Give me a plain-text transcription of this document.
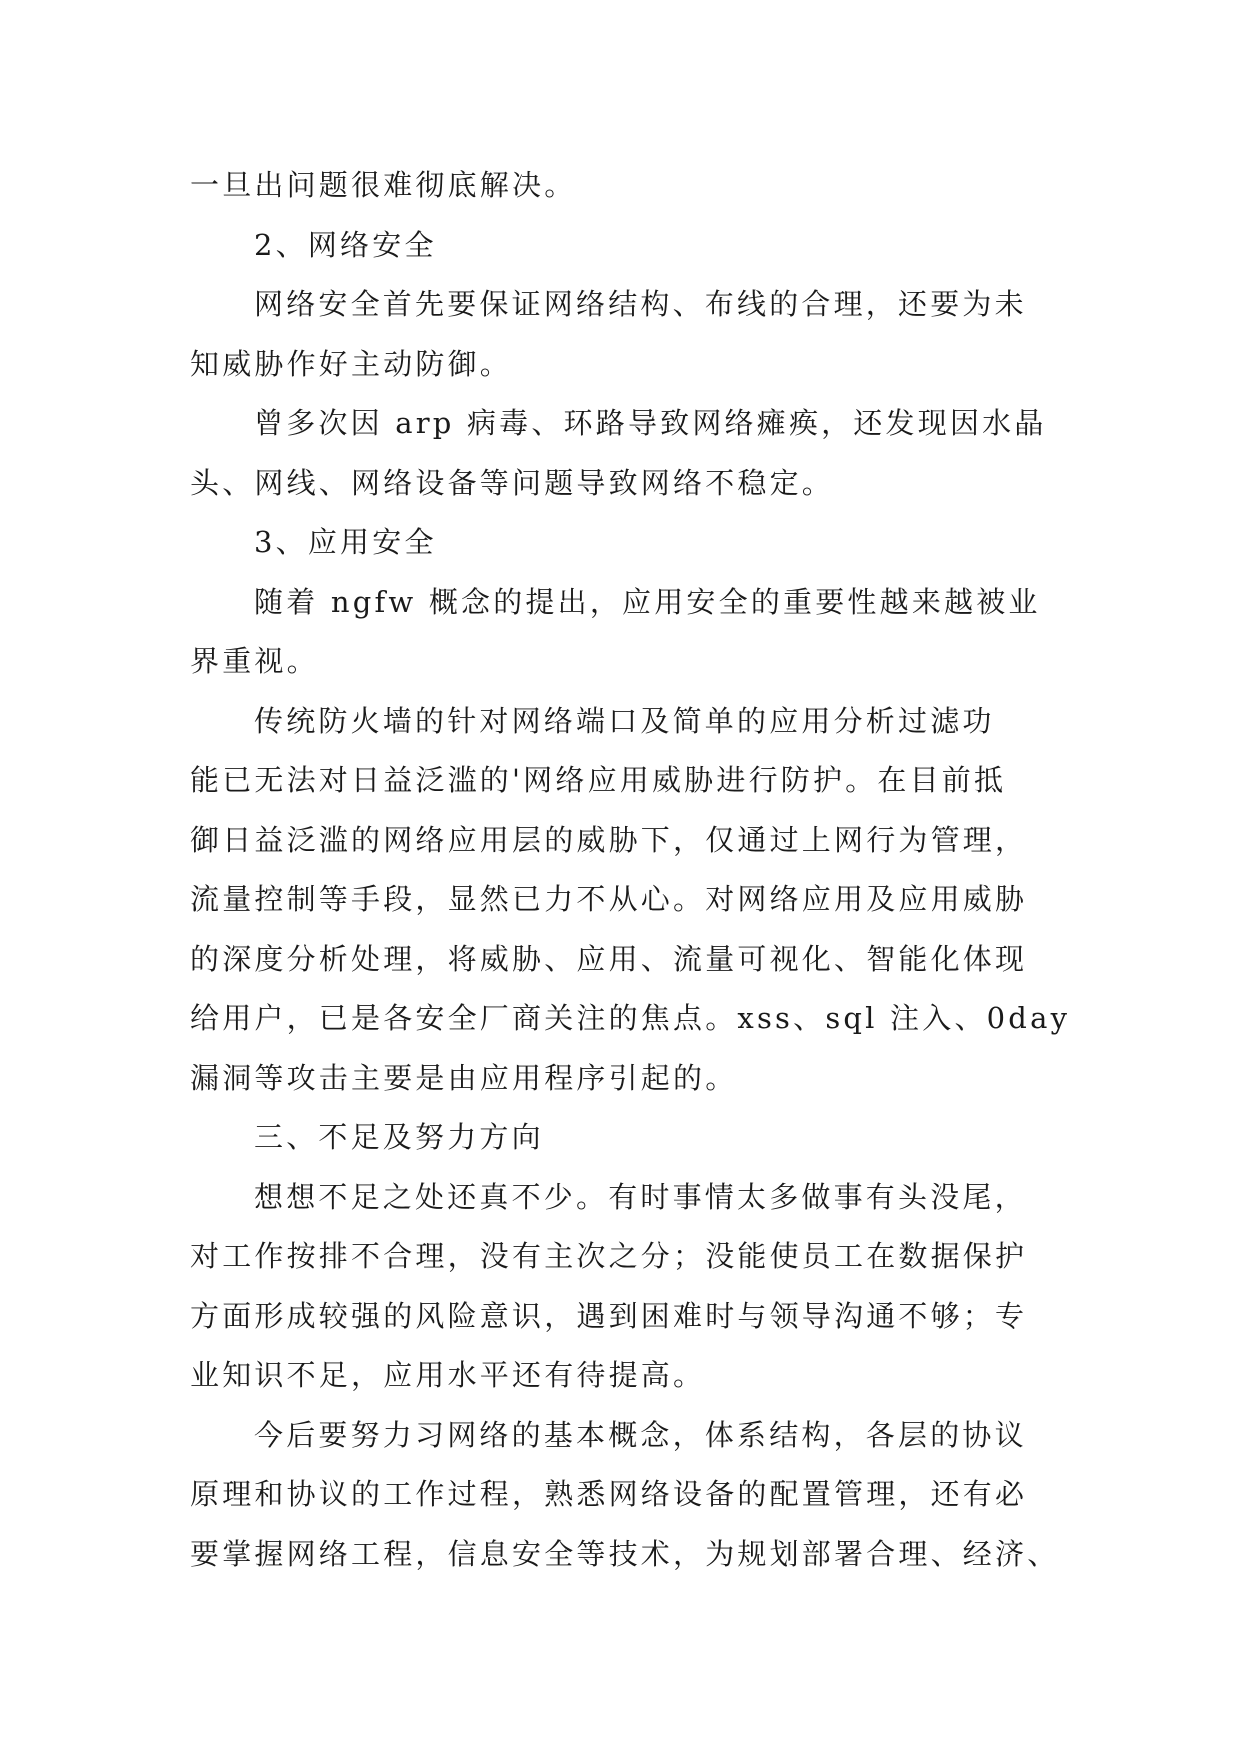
一旦出问题很难彻底解决。
2、网络安全
网络安全首先要保证网络结构、布线的合理，还要为未
知威胁作好主动防御。
曾多次因 arp 病毒、环路导致网络瘫痪，还发现因水晶
头、网线、网络设备等问题导致网络不稳定。
3、应用安全
随着 ngfw 概念的提出，应用安全的重要性越来越被业
界重视。
传统防火墙的针对网络端口及简单的应用分析过滤功
能已无法对日益泛滥的'网络应用威胁进行防护。在目前抵
御日益泛滥的网络应用层的威胁下，仅通过上网行为管理，
流量控制等手段，显然已力不从心。对网络应用及应用威胁
的深度分析处理，将威胁、应用、流量可视化、智能化体现
给用户，已是各安全厂商关注的焦点。xss、sql 注入、0day
漏洞等攻击主要是由应用程序引起的。
三、不足及努力方向
想想不足之处还真不少。有时事情太多做事有头没尾，
对工作按排不合理，没有主次之分；没能使员工在数据保护
方面形成较强的风险意识，遇到困难时与领导沟通不够；专
业知识不足，应用水平还有待提高。
今后要努力习网络的基本概念，体系结构，各层的协议
原理和协议的工作过程，熟悉网络设备的配置管理，还有必
要掌握网络工程，信息安全等技术，为规划部署合理、经济、
